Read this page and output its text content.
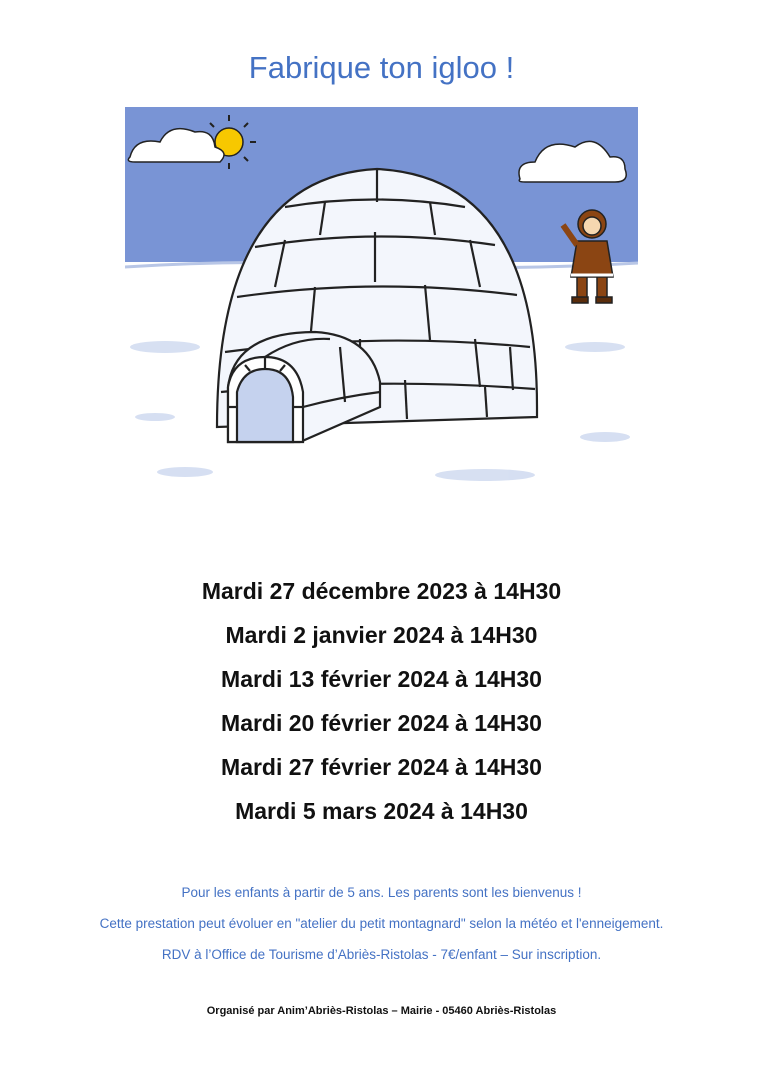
Fabrique ton igloo !
Mardi 27 décembre 2023 à 14H30
Mardi 2 janvier 2024 à 14H30
Mardi 13 février 2024 à 14H30
Mardi 20 février 2024 à 14H30
Mardi 27 février 2024 à 14H30
Mardi 5 mars 2024 à 14H30
Pour les enfants à partir de 5 ans. Les parents sont les bienvenus !
Cette prestation peut évoluer en "atelier du petit montagnard" selon la météo et l'enneigement.
RDV à l’Office de Tourisme d’Abriès-Ristolas - 7€/enfant – Sur inscription.
Organisé par Anim’Abriès-Ristolas – Mairie - 05460 Abriès-Ristolas
